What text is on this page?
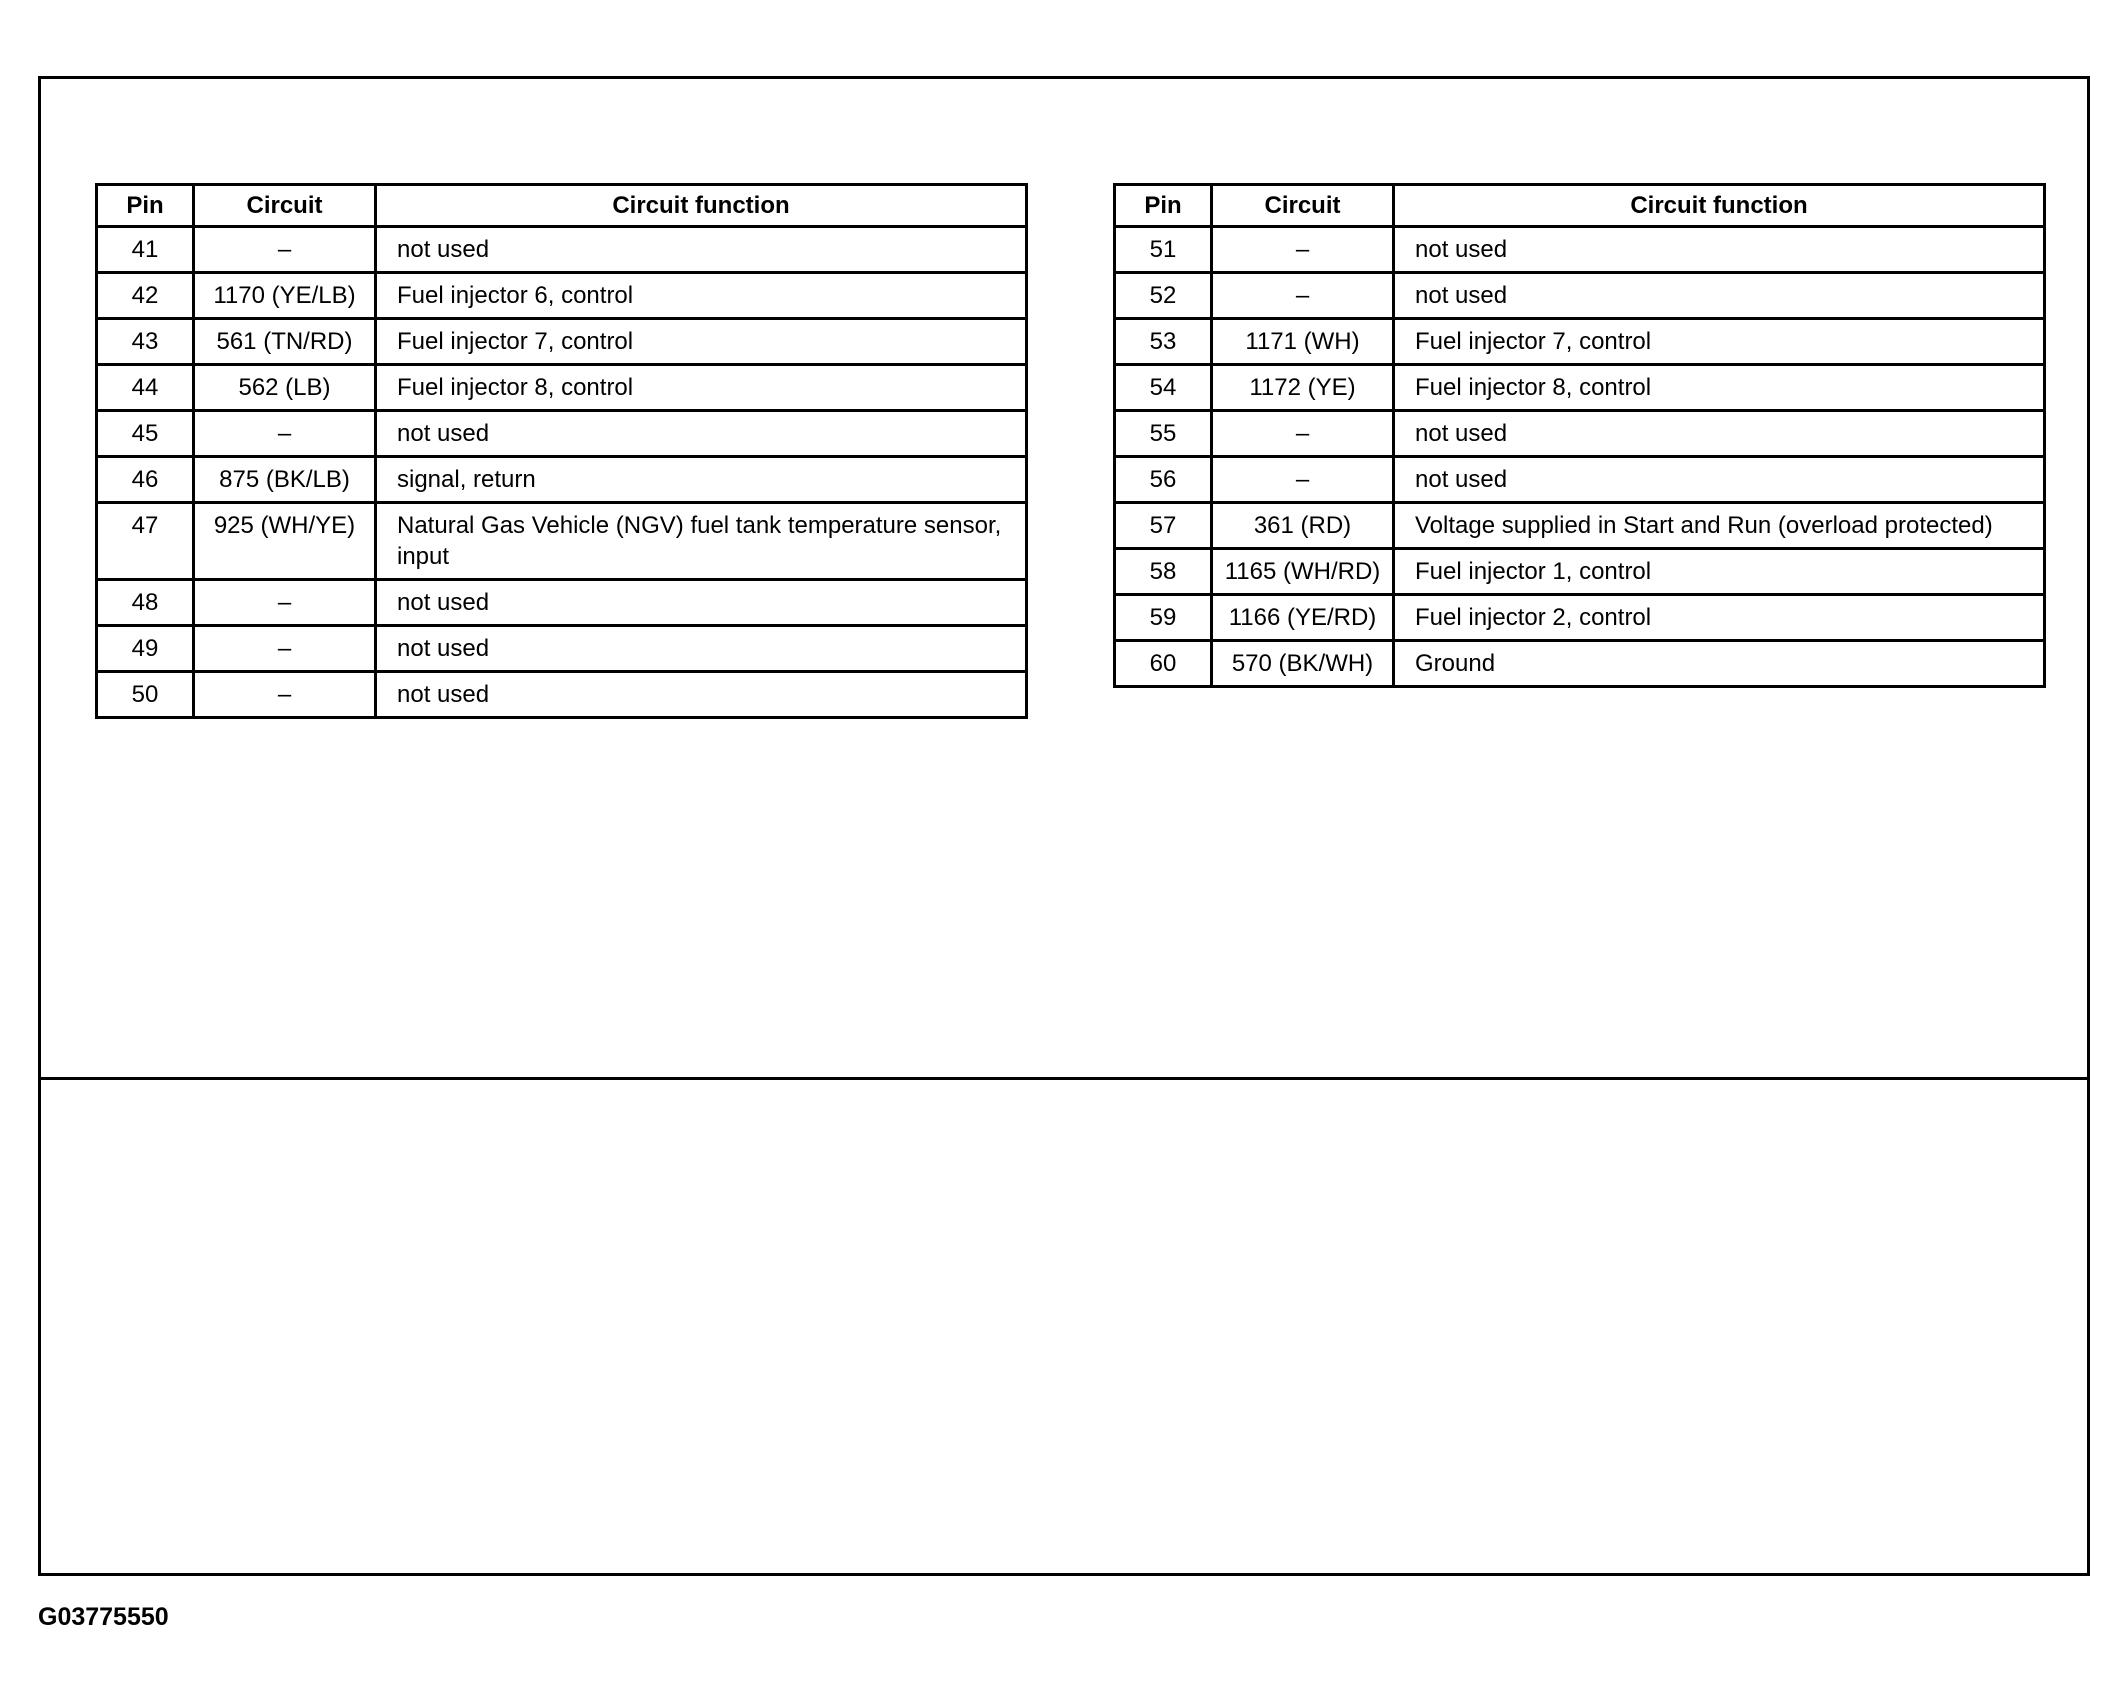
Pin	Circuit	Circuit function
41	–	not used
42	1170 (YE/LB)	Fuel injector 6, control
43	561 (TN/RD)	Fuel injector 7, control
44	562 (LB)	Fuel injector 8, control
45	–	not used
46	875 (BK/LB)	signal, return
47	925 (WH/YE)	Natural Gas Vehicle (NGV) fuel tank temperature sensor, input
48	–	not used
49	–	not used
50	–	not used
Pin	Circuit	Circuit function
51	–	not used
52	–	not used
53	1171 (WH)	Fuel injector 7, control
54	1172 (YE)	Fuel injector 8, control
55	–	not used
56	–	not used
57	361 (RD)	Voltage supplied in Start and Run (overload protected)
58	1165 (WH/RD)	Fuel injector 1, control
59	1166 (YE/RD)	Fuel injector 2, control
60	570 (BK/WH)	Ground
G03775550
